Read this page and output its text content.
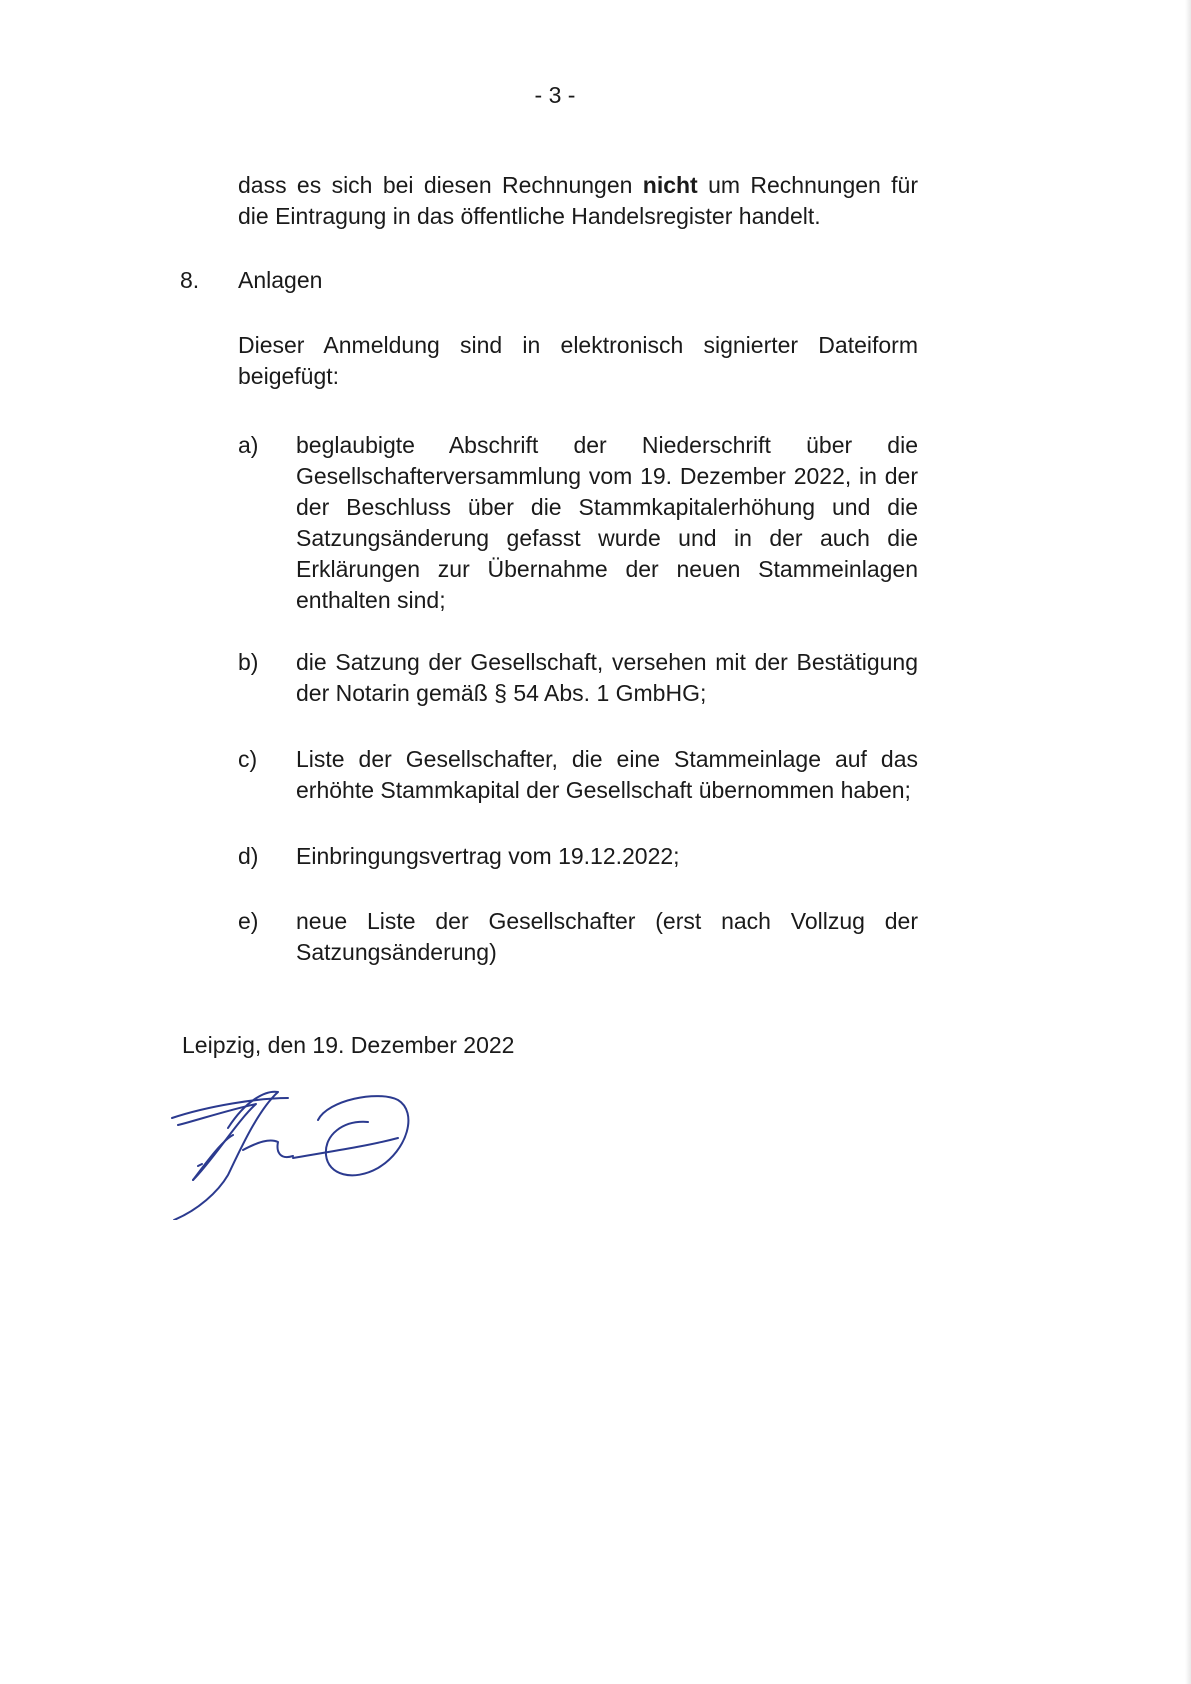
- 3 -
dass es sich bei diesen Rechnungen nicht um Rechnungen für die Eintragung in das öffentliche Handelsregister handelt.
8. Anlagen
Dieser Anmeldung sind in elektronisch signierter Dateiform beigefügt:
a) beglaubigte Abschrift der Niederschrift über die Gesellschafterversammlung vom 19. Dezember 2022, in der der Beschluss über die Stammkapitalerhöhung und die Satzungsänderung gefasst wurde und in der auch die Erklärungen zur Übernahme der neuen Stammeinlagen enthalten sind;
b) die Satzung der Gesellschaft, versehen mit der Bestätigung der Notarin gemäß § 54 Abs. 1 GmbHG;
c) Liste der Gesellschafter, die eine Stammeinlage auf das erhöhte Stammkapital der Gesellschaft übernommen haben;
d) Einbringungsvertrag vom 19.12.2022;
e) neue Liste der Gesellschafter (erst nach Vollzug der Satzungsänderung)
Leipzig, den 19. Dezember 2022
